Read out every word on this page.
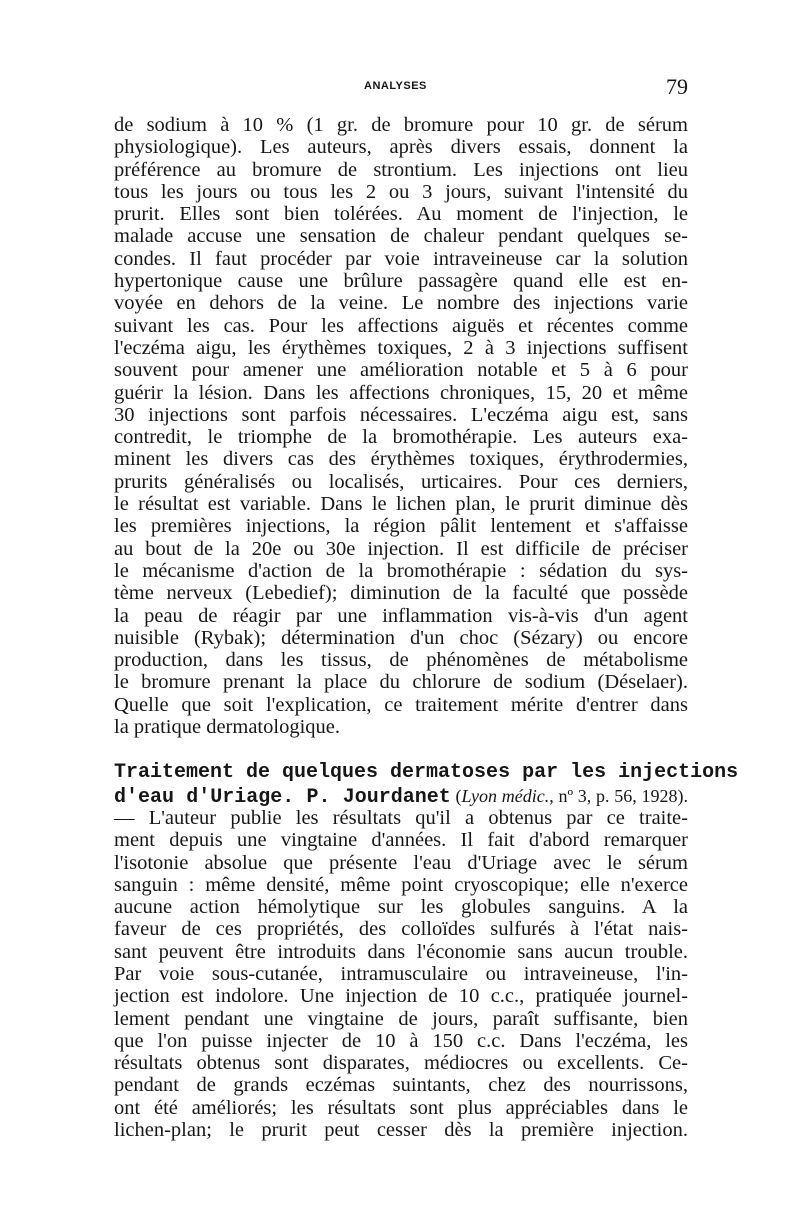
ANALYSES	79
de sodium à 10 % (1 gr. de bromure pour 10 gr. de sérum
physiologique). Les auteurs, après divers essais, donnent la
préférence au bromure de strontium. Les injections ont lieu
tous les jours ou tous les 2 ou 3 jours, suivant l'intensité du
prurit. Elles sont bien tolérées. Au moment de l'injection, le
malade accuse une sensation de chaleur pendant quelques se-
condes. Il faut procéder par voie intraveineuse car la solution
hypertonique cause une brûlure passagère quand elle est en-
voyée en dehors de la veine. Le nombre des injections varie
suivant les cas. Pour les affections aiguës et récentes comme
l'eczéma aigu, les érythèmes toxiques, 2 à 3 injections suffisent
souvent pour amener une amélioration notable et 5 à 6 pour
guérir la lésion. Dans les affections chroniques, 15, 20 et même
30 injections sont parfois nécessaires. L'eczéma aigu est, sans
contredit, le triomphe de la bromothérapie. Les auteurs exa-
minent les divers cas des érythèmes toxiques, érythrodermies,
prurits généralisés ou localisés, urticaires. Pour ces derniers,
le résultat est variable. Dans le lichen plan, le prurit diminue dès
les premières injections, la région pâlit lentement et s'affaisse
au bout de la 20e ou 30e injection. Il est difficile de préciser
le mécanisme d'action de la bromothérapie : sédation du sys-
tème nerveux (Lebedief); diminution de la faculté que possède
la peau de réagir par une inflammation vis-à-vis d'un agent
nuisible (Rybak); détermination d'un choc (Sézary) ou encore
production, dans les tissus, de phénomènes de métabolisme
le bromure prenant la place du chlorure de sodium (Déselaer).
Quelle que soit l'explication, ce traitement mérite d'entrer dans
la pratique dermatologique.
Traitement de quelques dermatoses par les injections
d'eau d'Uriage. P. Jourdanet (Lyon médic., nº 3, p. 56, 1928).
— L'auteur publie les résultats qu'il a obtenus par ce traite-
ment depuis une vingtaine d'années. Il fait d'abord remarquer
l'isotonie absolue que présente l'eau d'Uriage avec le sérum
sanguin : même densité, même point cryoscopique; elle n'exerce
aucune action hémolytique sur les globules sanguins. A la
faveur de ces propriétés, des colloïdes sulfurés à l'état nais-
sant peuvent être introduits dans l'économie sans aucun trouble.
Par voie sous-cutanée, intramusculaire ou intraveineuse, l'in-
jection est indolore. Une injection de 10 c.c., pratiquée journel-
lement pendant une vingtaine de jours, paraît suffisante, bien
que l'on puisse injecter de 10 à 150 c.c. Dans l'eczéma, les
résultats obtenus sont disparates, médiocres ou excellents. Ce-
pendant de grands eczémas suintants, chez des nourrissons,
ont été améliorés; les résultats sont plus appréciables dans le
lichen-plan; le prurit peut cesser dès la première injection.
